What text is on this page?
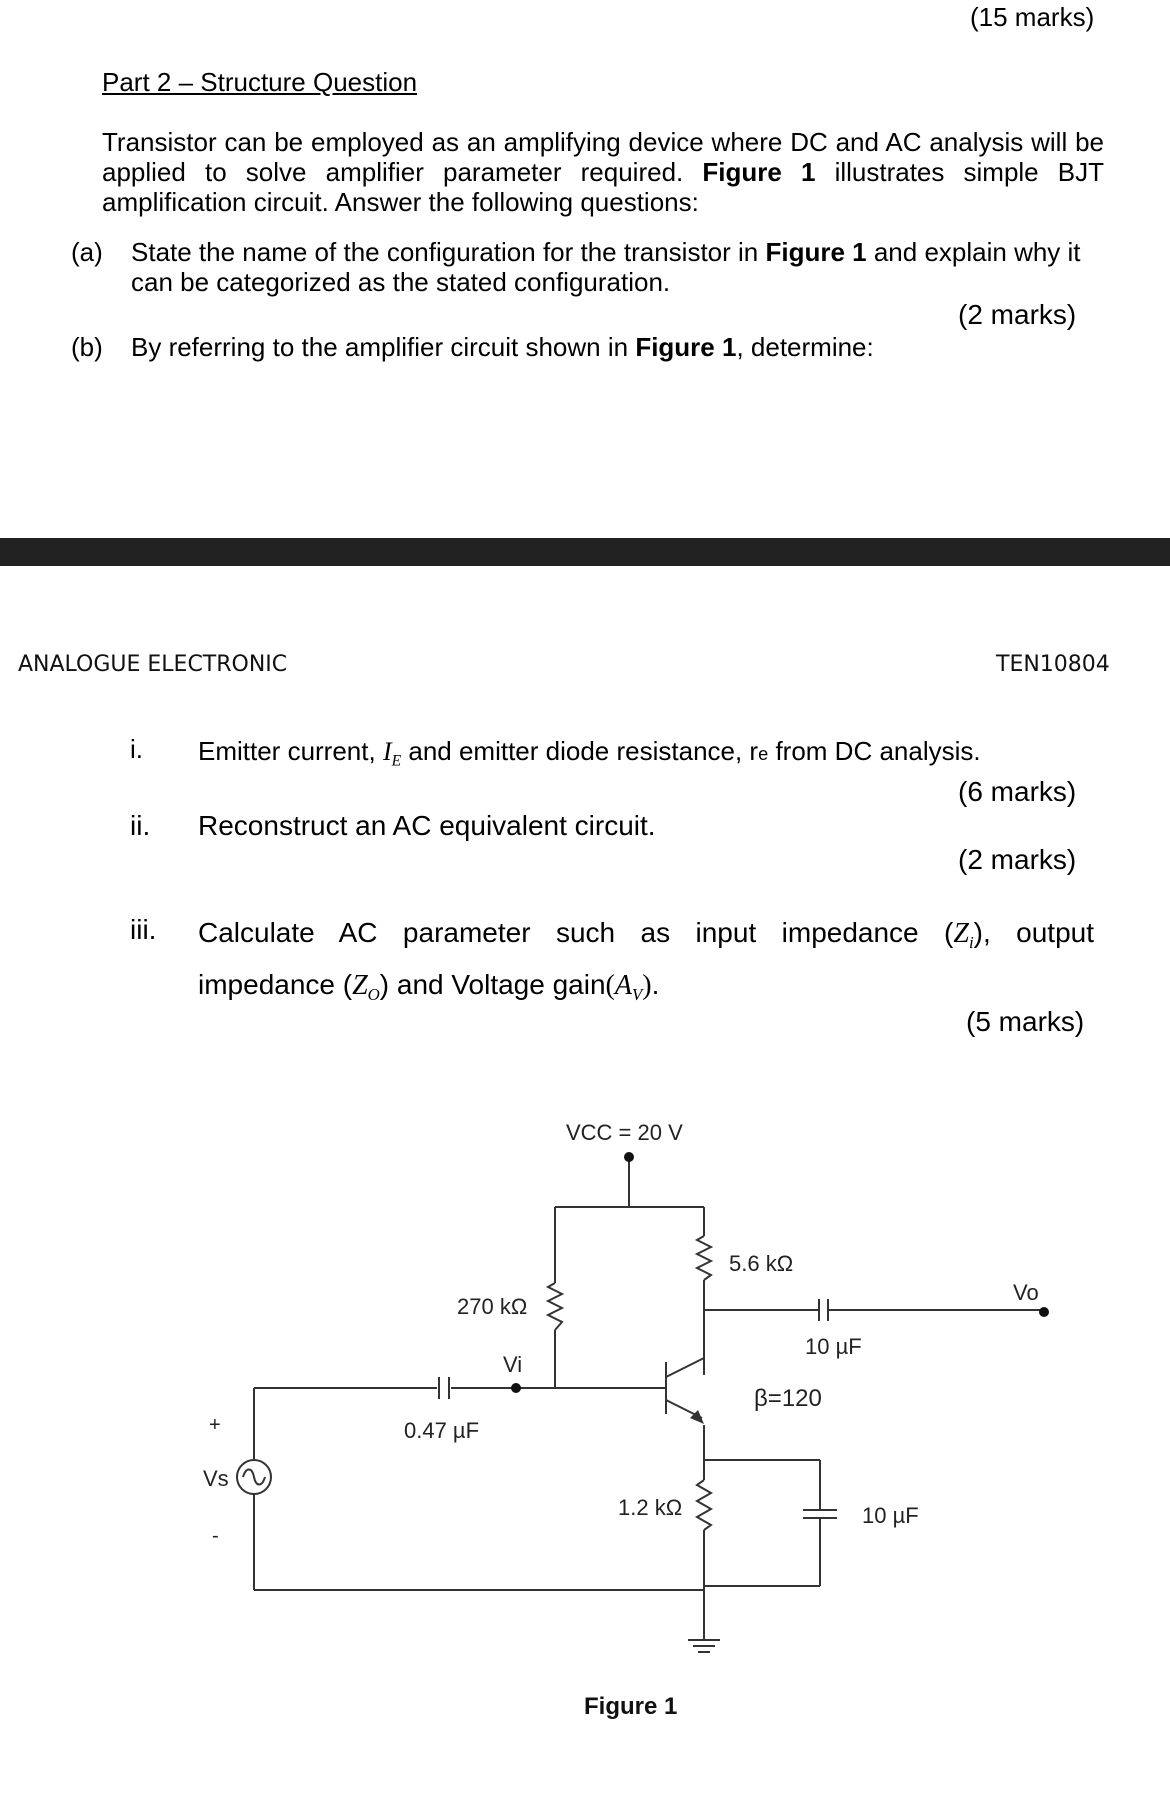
(15 marks)
Part 2 – Structure Question
Transistor can be employed as an amplifying device where DC and AC analysis will be applied to solve amplifier parameter required. Figure 1 illustrates simple BJT amplification circuit. Answer the following questions:
(a) State the name of the configuration for the transistor in Figure 1 and explain why it can be categorized as the stated configuration.
(2 marks)
(b) By referring to the amplifier circuit shown in Figure 1, determine:
ANALOGUE ELECTRONIC	TEN10804
i. Emitter current, $I_E$ and emitter diode resistance, re from DC analysis.
(6 marks)
ii. Reconstruct an AC equivalent circuit.
(2 marks)
iii. Calculate AC parameter such as input impedance $(Z_i)$, output impedance $(Z_O)$ and Voltage $gain(A_V)$.
(5 marks)
VCC = 20 V
5.6 kΩ
270 kΩ
Vo
Vi
10 µF
β=120
+	0.47 µF
Vs
1.2 kΩ	10 µF
-
Figure 1
